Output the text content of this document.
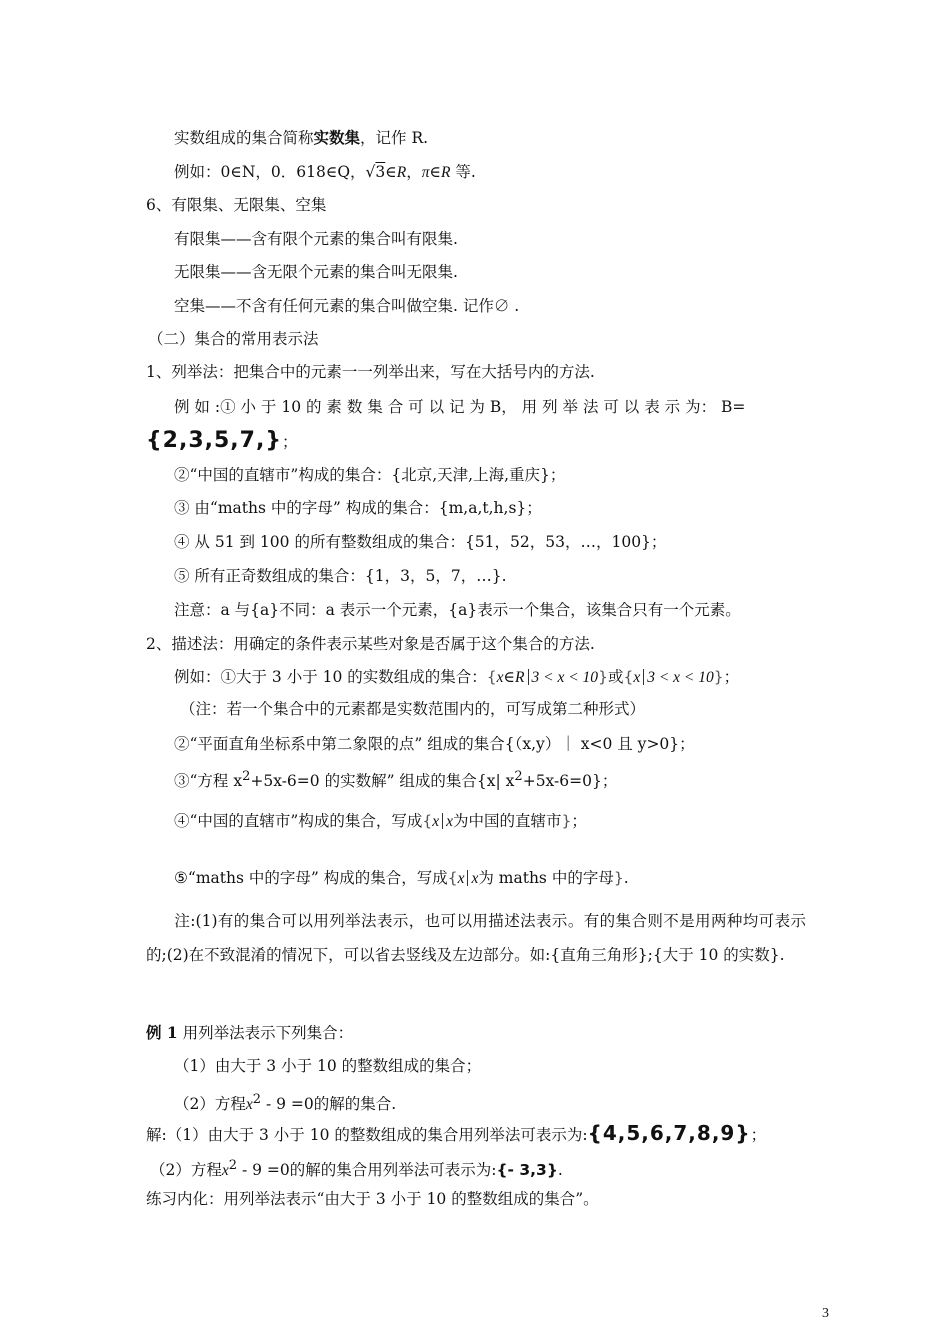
实数组成的集合简称实数集，记作 R.
例如：0∈N，0．618∈Q，√3∈R，π∈R 等.
6、有限集、无限集、空集
有限集——含有限个元素的集合叫有限集.
无限集——含无限个元素的集合叫无限集.
空集——不含有任何元素的集合叫做空集. 记作∅ .
（二）集合的常用表示法
1、列举法：把集合中的元素一一列举出来，写在大括号内的方法.
例 如 :① 小 于 10 的 素 数 集 合 可 以 记 为 B， 用 列 举 法 可 以 表 示 为： B=
{2,3,5,7,}；
②“中国的直辖市”构成的集合：{北京,天津,上海,重庆}；
③ 由“maths 中的字母” 构成的集合：{m,a,t,h,s}；
④ 从 51 到 100 的所有整数组成的集合：{51，52，53，…，100}；
⑤ 所有正奇数组成的集合：{1，3，5，7，…}.
注意：a 与{a}不同：a 表示一个元素，{a}表示一个集合，该集合只有一个元素。
2、描述法：用确定的条件表示某些对象是否属于这个集合的方法.
例如：①大于 3 小于 10 的实数组成的集合：{x∈R 3 < x < 10}或{x 3 < x < 10}；
（注：若一个集合中的元素都是实数范围内的，可写成第二种形式）
②“平面直角坐标系中第二象限的点” 组成的集合{（x,y）｜ x<0 且 y>0}；
③“方程 $x^2+5x-6=0$ 的实数解” 组成的集合{x| $x^2+5x-6=0$}；
④“中国的直辖市”构成的集合，写成{x x为中国的直辖市}；
⑤“maths 中的字母” 构成的集合，写成{x x为 maths 中的字母}.
注:(1)有的集合可以用列举法表示，也可以用描述法表示。有的集合则不是用两种均可表示的;(2)在不致混淆的情况下，可以省去竖线及左边部分。如:{直角三角形};{大于 10 的实数}.
例 1 用列举法表示下列集合：
（1）由大于 3 小于 10 的整数组成的集合；
（2）方程$x^2 - 9 =0$的解的集合.
解:（1）由大于 3 小于 10 的整数组成的集合用列举法可表示为:{4,5,6,7,8,9}；
（2）方程$x^2 - 9 =0$的解的集合用列举法可表示为:{- 3,3}.
练习内化：用列举法表示“由大于 3 小于 10 的整数组成的集合”。
3
